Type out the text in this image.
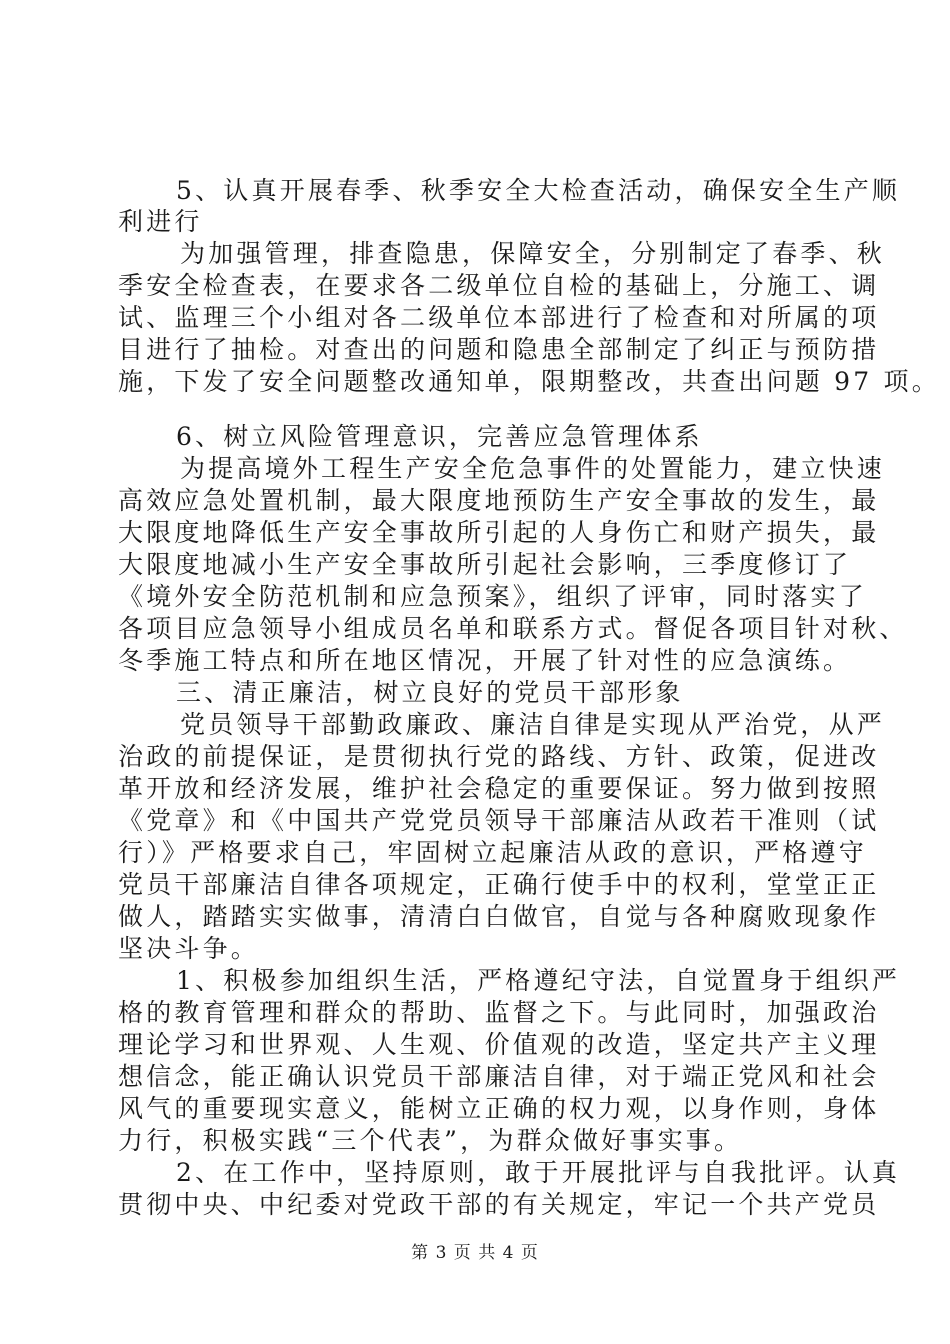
5、认真开展春季、秋季安全大检查活动，确保安全生产顺
利进行
为加强管理，排查隐患，保障安全，分别制定了春季、秋
季安全检查表，在要求各二级单位自检的基础上，分施工、调
试、监理三个小组对各二级单位本部进行了检查和对所属的项
目进行了抽检。对查出的问题和隐患全部制定了纠正与预防措
施，下发了安全问题整改通知单，限期整改，共查出问题 97 项。
6、树立风险管理意识，完善应急管理体系
为提高境外工程生产安全危急事件的处置能力，建立快速
高效应急处置机制，最大限度地预防生产安全事故的发生，最
大限度地降低生产安全事故所引起的人身伤亡和财产损失，最
大限度地减小生产安全事故所引起社会影响，三季度修订了
《境外安全防范机制和应急预案》，组织了评审，同时落实了
各项目应急领导小组成员名单和联系方式。督促各项目针对秋、
冬季施工特点和所在地区情况，开展了针对性的应急演练。
三、清正廉洁，树立良好的党员干部形象
党员领导干部勤政廉政、廉洁自律是实现从严治党，从严
治政的前提保证，是贯彻执行党的路线、方针、政策，促进改
革开放和经济发展，维护社会稳定的重要保证。努力做到按照
《党章》和《中国共产党党员领导干部廉洁从政若干准则（试
行）》严格要求自己，牢固树立起廉洁从政的意识，严格遵守
党员干部廉洁自律各项规定，正确行使手中的权利，堂堂正正
做人，踏踏实实做事，清清白白做官，自觉与各种腐败现象作
坚决斗争。
1、积极参加组织生活，严格遵纪守法，自觉置身于组织严
格的教育管理和群众的帮助、监督之下。与此同时，加强政治
理论学习和世界观、人生观、价值观的改造，坚定共产主义理
想信念，能正确认识党员干部廉洁自律，对于端正党风和社会
风气的重要现实意义，能树立正确的权力观，以身作则，身体
力行，积极实践“三个代表”，为群众做好事实事。
2、在工作中，坚持原则，敢于开展批评与自我批评。认真
贯彻中央、中纪委对党政干部的有关规定，牢记一个共产党员
第 3 页 共 4 页
